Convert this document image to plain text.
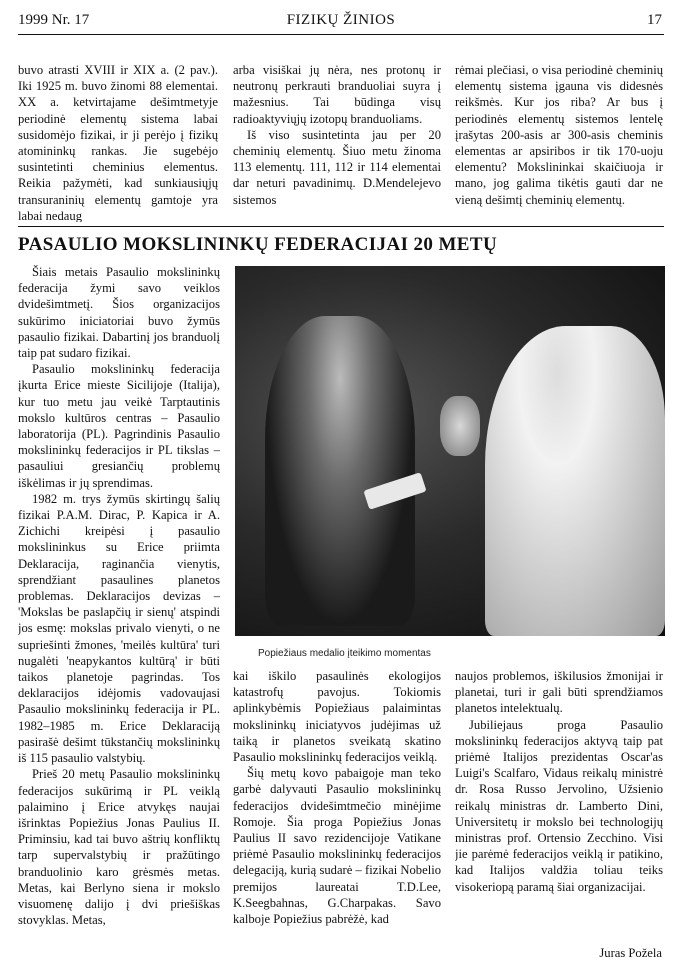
1999 Nr. 17	FIZIKŲ ŽINIOS	17

buvo atrasti XVIII ir XIX a. (2 pav.). Iki 1925 m. buvo žinomi 88 elementai. XX a. ketvirtajame dešimtmetyje periodinė elementų sistema labai susidomėjo fizikai, ir ji perėjo į fizikų atomininkų rankas. Jie sugebėjo susintetinti cheminius elementus. Reikia pažymėti, kad sunkiausiųjų transuraninių elementų gamtoje yra labai nedaug

arba visiškai jų nėra, nes protonų ir neutronų perkrauti branduoliai suyra į mažesnius. Tai būdinga visų radioaktyviųjų izotopų branduoliams.

Iš viso susintetinta jau per 20 cheminių elementų. Šiuo metu žinoma 113 elementų. 111, 112 ir 114 elementai dar neturi pavadinimų. D.Mendelejevo sistemos

rėmai plečiasi, o visa periodinė cheminių elementų sistema įgauna vis didesnės reikšmės. Kur jos riba? Ar bus į periodinės elementų sistemos lentelę įrašytas 200-asis ar 300-asis cheminis elementas ar apsiribos ir tik 170-uoju elementu? Mokslininkai skaičiuoja ir mano, jog galima tikėtis gauti dar ne vieną dešimtį cheminių elementų.

PASAULIO MOKSLININKŲ FEDERACIJAI 20 METŲ

Šiais metais Pasaulio mokslininkų federacija žymi savo veiklos dvidešimtmetį. Šios organizacijos sukūrimo iniciatoriai buvo žymūs pasaulio fizikai. Dabartinį jos branduolį taip pat sudaro fizikai.

Pasaulio mokslininkų federacija įkurta Erice mieste Sicilijoje (Italija), kur tuo metu jau veikė Tarptautinis mokslo kultūros centras – Pasaulio laboratorija (PL). Pagrindinis Pasaulio mokslininkų federacijos ir PL tikslas – pasauliui gresiančių problemų iškėlimas ir jų sprendimas.

1982 m. trys žymūs skirtingų šalių fizikai P.A.M. Dirac, P. Kapica ir A. Zichichi kreipėsi į pasaulio mokslininkus su Erice priimta Deklaracija, raginančia vienytis, sprendžiant pasaulines planetos problemas. Deklaracijos devizas – 'Mokslas be paslapčių ir sienų' atspindi jos esmę: mokslas privalo vienyti, o ne supriešinti žmones, 'meilės kultūra' turi nugalėti 'neapykantos kultūrą' ir būti taikos planetoje pagrindas. Tos deklaracijos idėjomis vadovaujasi Pasaulio mokslininkų federacija ir PL. 1982–1985 m. Erice Deklaraciją pasirašė dešimt tūkstančių mokslininkų iš 115 pasaulio valstybių.

Prieš 20 metų Pasaulio mokslininkų federacijos sukūrimą ir PL veiklą palaimino į Erice atvykęs naujai išrinktas Popiežius Jonas Paulius II. Priminsiu, kad tai buvo aštrių konfliktų tarp supervalstybių ir pražūtingo branduolinio karo grėsmės metas. Metas, kai Berlyno siena ir mokslo visuomenę dalijo į dvi priešiškas stovyklas. Metas,

Popiežiaus medalio įteikimo momentas

kai iškilo pasaulinės ekologijos katastrofų pavojus. Tokiomis aplinkybėmis Popiežiaus palaimintas mokslininkų iniciatyvos judėjimas už taiką ir planetos sveikatą skatino Pasaulio mokslininkų federacijos veiklą.

Šių metų kovo pabaigoje man teko garbė dalyvauti Pasaulio mokslininkų federacijos dvidešimtmečio minėjime Romoje. Šia proga Popiežius Jonas Paulius II savo rezidencijoje Vatikane priėmė Pasaulio mokslininkų federacijos delegaciją, kurią sudarė – fizikai Nobelio premijos laureatai T.D.Lee, K.Seegbahnas, G.Charpakas. Savo kalboje Popiežius pabrėžė, kad

naujos problemos, iškilusios žmonijai ir planetai, turi ir gali būti sprendžiamos planetos intelektualų.

Jubiliejaus proga Pasaulio mokslininkų federacijos aktyvą taip pat priėmė Italijos prezidentas Oscar'as Luigi's Scalfaro, Vidaus reikalų ministrė dr. Rosa Russo Jervolino, Užsienio reikalų ministras dr. Lamberto Dini, Universitetų ir mokslo bei technologijų ministras prof. Ortensio Zecchino. Visi jie parėmė federacijos veiklą ir patikino, kad Italijos valdžia toliau teiks visokeriopą paramą šiai organizacijai.

Juras Požela
